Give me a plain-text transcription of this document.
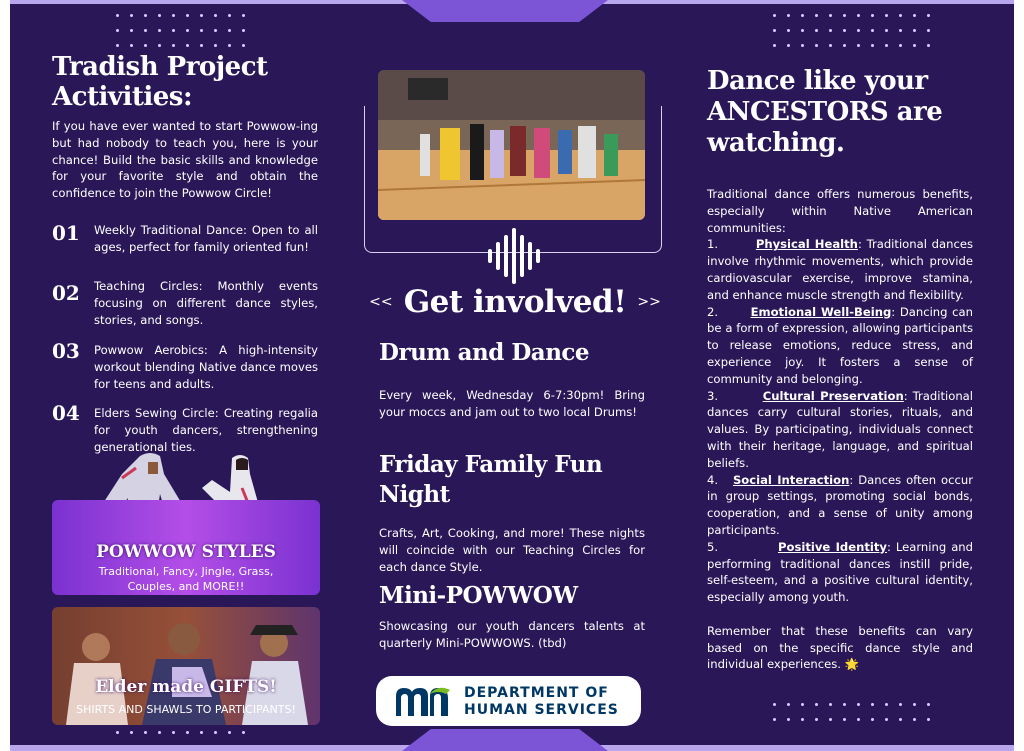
Tradish Project Activities:
If you have ever wanted to start Powwow-ing but had nobody to teach you, here is your chance! Build the basic skills and knowledge for your favorite style and obtain the confidence to join the Powwow Circle!
01 Weekly Traditional Dance: Open to all ages, perfect for family oriented fun!
02 Teaching Circles: Monthly events focusing on different dance styles, stories, and songs.
03 Powwow Aerobics: A high-intensity workout blending Native dance moves for teens and adults.
04 Elders Sewing Circle: Creating regalia for youth dancers, strengthening generational ties.
POWWOW STYLES
Traditional, Fancy, Jingle, Grass, Couples, and MORE!!
Elder made GIFTS!
SHIRTS AND SHAWLS TO PARTICIPANTS!
<< Get involved! >>
Drum and Dance
Every week, Wednesday 6-7:30pm! Bring your moccs and jam out to two local Drums!
Friday Family Fun Night
Crafts, Art, Cooking, and more! These nights will coincide with our Teaching Circles for each dance Style.
Mini-POWWOW
Showcasing our youth dancers talents at quarterly Mini-POWWOWS. (tbd)
DEPARTMENT OF
HUMAN SERVICES
Dance like your ANCESTORS are watching.

Traditional dance offers numerous benefits, especially within Native American communities:

1.	Physical Health: Traditional dances involve rhythmic movements, which provide cardiovascular exercise, improve stamina, and enhance muscle strength and flexibility.

2.	Emotional Well-Being: Dancing can be a form of expression, allowing participants to release emotions, reduce stress, and experience joy. It fosters a sense of community and belonging.

3.	Cultural Preservation: Traditional dances carry cultural stories, rituals, and values. By participating, individuals connect with their heritage, language, and spiritual beliefs.

4. Social Interaction: Dances often occur in group settings, promoting social bonds, cooperation, and a sense of unity among participants.

5.	Positive Identity: Learning and performing traditional dances instill pride, self-esteem, and a positive cultural identity, especially among youth.

Remember that these benefits can vary based on the specific dance style and individual experiences. 🌟
